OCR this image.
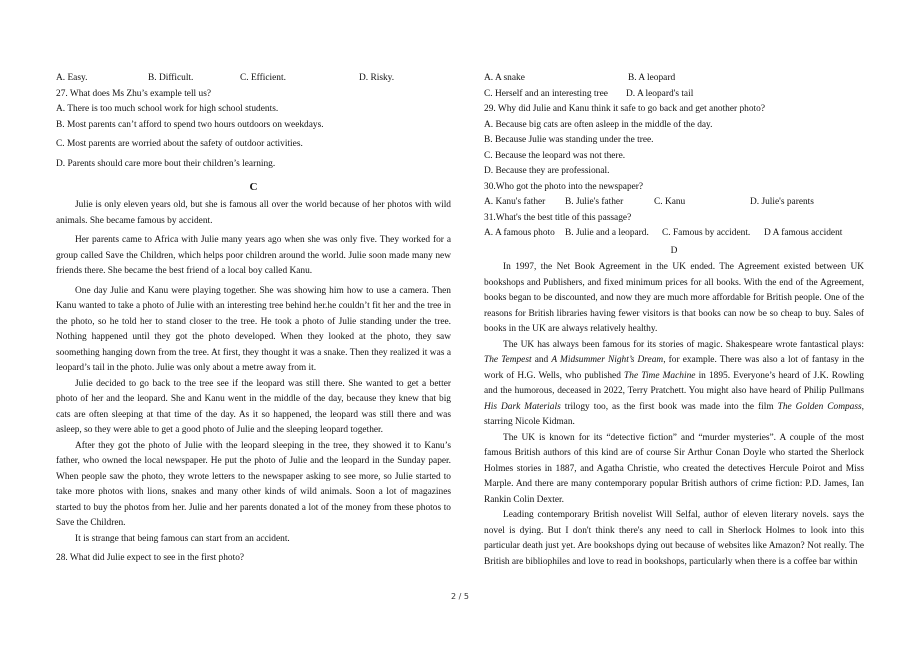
A. Easy.	B. Difficult.	C. Efficient.	D. Risky.
27. What does Ms Zhu’s example tell us?
A. There is too much school work for high school students.
B. Most parents can’t afford to spend two hours outdoors on weekdays.
C. Most parents are worried about the safety of outdoor activities.
D. Parents should care more bout their children’s learning.
C

Julie is only eleven years old, but she is famous all over the world because of her photos with wild animals. She became famous by accident.

Her parents came to Africa with Julie many years ago when she was only five. They worked for a group called Save the Children, which helps poor children around the world. Julie soon made many new friends there. She became the best friend of a local boy called Kanu.

One day Julie and Kanu were playing together. She was showing him how to use a camera. Then Kanu wanted to take a photo of Julie with an interesting tree behind her.he couldn’t fit her and the tree in the photo, so he told her to stand closer to the tree. He took a photo of Julie standing under the tree. Nothing happened until they got the photo developed. When they looked at the photo, they saw soomething hanging down from the tree. At first, they thought it was a snake. Then they realized it was a leopard’s tail in the photo. Julie was only about a metre away from it.

Julie decided to go back to the tree see if the leopard was still there. She wanted to get a better photo of her and the leopard. She and Kanu went in the middle of the day, because they knew that big cats are often sleeping at that time of the day. As it so happened, the leopard was still there and was asleep, so they were able to get a good photo of Julie and the sleeping leopard together.

After they got the photo of Julie with the leopard sleeping in the tree, they showed it to Kanu’s father, who owned the local newspaper. He put the photo of Julie and the leopard in the Sunday paper. When people saw the photo, they wrote letters to the newspaper asking to see more, so Julie started to take more photos with lions, snakes and many other kinds of wild animals. Soon a lot of magazines started to buy the photos from her. Julie and her parents donated a lot of the money from these photos to Save the Children.

It is strange that being famous can start from an accident.

28. What did Julie expect to see in the first photo?
A. A snake	B. A leopard
C. Herself and an interesting tree D. A leopard's tail
29. Why did Julie and Kanu think it safe to go back and get another photo?
A. Because big cats are often asleep in the middle of the day.
B. Because Julie was standing under the tree.
C. Because the leopard was not there.
D. Because they are professional.
30.Who got the photo into the newspaper?
A. Kanu's father B. Julie's father	C. Kanu	D. Julie's parents
31.What's the best title of this passage?
A. A famous photo B. Julie and a leopard. C. Famous by accident. D A famous accident
D

In 1997, the Net Book Agreement in the UK ended. The Agreement existed between UK bookshops and Publishers, and fixed minimum prices for all books. With the end of the Agreement, books began to be discounted, and now they are much more affordable for British people. One of the reasons for British libraries having fewer visitors is that books can now be so cheap to buy. Sales of books in the UK are always relatively healthy.

The UK has always been famous for its stories of magic. Shakespeare wrote fantastical plays: The Tempest and A Midsummer Night’s Dream, for example. There was also a lot of fantasy in the work of H.G. Wells, who published The Time Machine in 1895. Everyone’s heard of J.K. Rowling and the humorous, deceased in 2022, Terry Pratchett. You might also have heard of Philip Pullmans His Dark Materials trilogy too, as the first book was made into the film The Golden Compass, starring Nicole Kidman.

The UK is known for its “detective fiction” and “murder mysteries”. A couple of the most famous British authors of this kind are of course Sir Arthur Conan Doyle who started the Sherlock Holmes stories in 1887, and Agatha Christie, who created the detectives Hercule Poirot and Miss Marple. And there are many contemporary popular British authors of crime fiction: P.D. James, Ian Rankin Colin Dexter.

Leading contemporary British novelist Will Selfal, author of eleven literary novels. says the novel is dying. But I don't think there's any need to call in Sherlock Holmes to look into this particular death just yet. Are bookshops dying out because of websites like Amazon? Not really. The British are bibliophiles and love to read in bookshops, particularly when there is a coffee bar within

2 / 5
